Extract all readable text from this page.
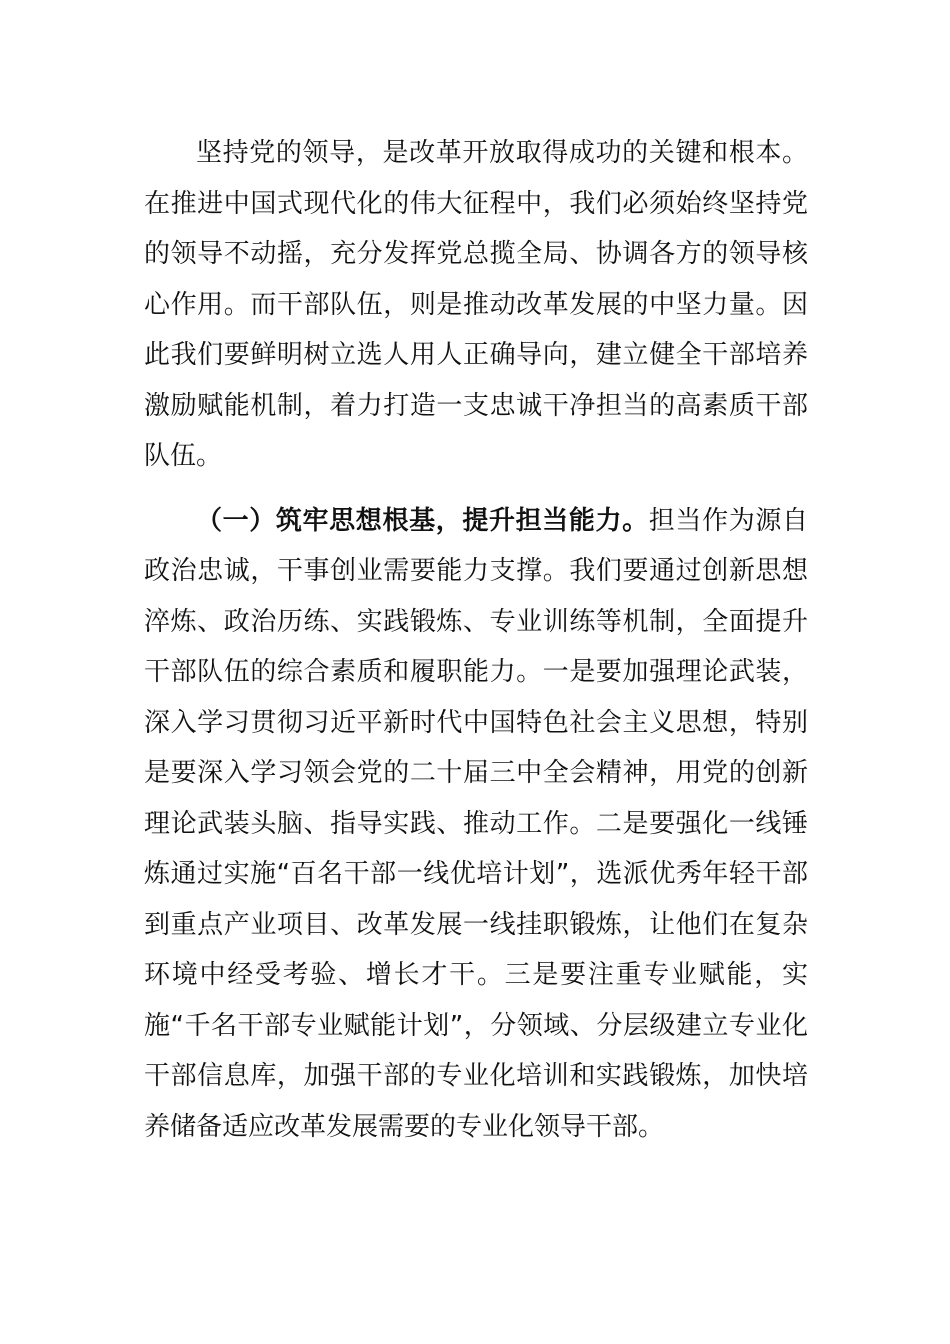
坚持党的领导，是改革开放取得成功的关键和根本。在推进中国式现代化的伟大征程中，我们必须始终坚持党的领导不动摇，充分发挥党总揽全局、协调各方的领导核心作用。而干部队伍，则是推动改革发展的中坚力量。因此我们要鲜明树立选人用人正确导向，建立健全干部培养激励赋能机制，着力打造一支忠诚干净担当的高素质干部队伍。

（一）筑牢思想根基，提升担当能力。担当作为源自政治忠诚，干事创业需要能力支撑。我们要通过创新思想淬炼、政治历练、实践锻炼、专业训练等机制，全面提升干部队伍的综合素质和履职能力。一是要加强理论武装，深入学习贯彻习近平新时代中国特色社会主义思想，特别是要深入学习领会党的二十届三中全会精神，用党的创新理论武装头脑、指导实践、推动工作。二是要强化一线锤炼通过实施“百名干部一线优培计划”，选派优秀年轻干部到重点产业项目、改革发展一线挂职锻炼，让他们在复杂环境中经受考验、增长才干。三是要注重专业赋能，实施“千名干部专业赋能计划”，分领域、分层级建立专业化干部信息库，加强干部的专业化培训和实践锻炼，加快培养储备适应改革发展需要的专业化领导干部。
